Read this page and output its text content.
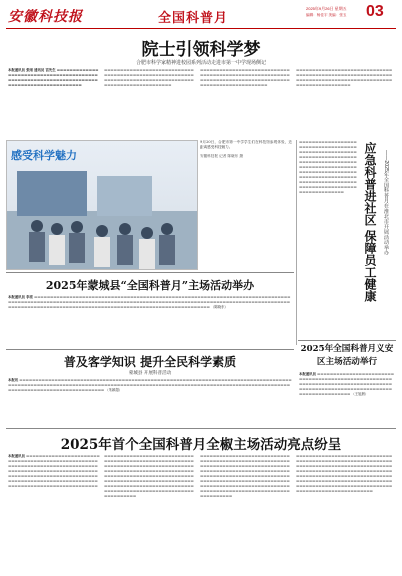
安徽科技报	全国科普月
2025年9月26日 星期五
编辑：杨佳宇 美编：张玉 03
院士引领科学梦
合肥市科学家精神进校园系列活动走进市第一中学现场侧记
本报通讯员 张雨 通讯员 宫先生 ▬▬▬▬▬▬▬▬▬▬▬▬▬▬▬▬▬▬▬▬▬▬▬▬▬▬▬▬▬▬▬▬▬▬▬▬▬▬▬▬▬▬▬▬▬▬▬▬▬▬▬▬▬▬▬▬▬▬▬▬▬▬▬▬▬▬▬▬▬▬▬▬▬▬▬▬▬▬▬▬▬▬▬▬▬▬▬▬▬▬▬▬
▬▬▬▬▬▬▬▬▬▬▬▬▬▬▬▬▬▬▬▬▬▬▬▬▬▬▬▬▬▬▬▬▬▬▬▬▬▬▬▬▬▬▬▬▬▬▬▬▬▬▬▬▬▬▬▬▬▬▬▬▬▬▬▬▬▬▬▬▬▬▬▬▬▬▬▬▬▬▬▬▬▬▬▬▬▬▬▬▬▬▬▬▬▬▬▬▬▬▬▬▬▬▬▬▬
▬▬▬▬▬▬▬▬▬▬▬▬▬▬▬▬▬▬▬▬▬▬▬▬▬▬▬▬▬▬▬▬▬▬▬▬▬▬▬▬▬▬▬▬▬▬▬▬▬▬▬▬▬▬▬▬▬▬▬▬▬▬▬▬▬▬▬▬▬▬▬▬▬▬▬▬▬▬▬▬▬▬▬▬▬▬▬▬▬▬▬▬▬▬▬▬▬▬▬▬▬▬▬▬▬
▬▬▬▬▬▬▬▬▬▬▬▬▬▬▬▬▬▬▬▬▬▬▬▬▬▬▬▬▬▬▬▬▬▬▬▬▬▬▬▬▬▬▬▬▬▬▬▬▬▬▬▬▬▬▬▬▬▬▬▬▬▬▬▬▬▬▬▬▬▬▬▬▬▬▬▬▬▬▬▬▬▬▬▬▬▬▬▬▬▬▬▬▬▬▬▬▬▬▬▬▬▬▬▬▬▬▬
感受科学魅力
9月20日，合肥市第一中学学生们在科技馆参观体验，近距离感受科技魅力。
安徽科技报 记者 陈晓东 摄
▬▬▬▬▬▬▬▬▬▬▬▬▬▬▬▬▬▬▬▬▬▬▬▬▬▬▬▬▬▬▬▬▬▬▬▬▬▬▬▬▬▬▬▬▬▬▬▬▬▬▬▬▬▬▬▬▬▬▬▬▬▬▬▬▬▬▬▬▬▬▬▬▬▬▬▬▬▬▬▬▬▬▬▬▬▬▬▬▬▬▬▬▬▬▬▬▬▬▬▬▬▬▬▬▬▬▬▬▬▬▬▬▬▬▬▬▬▬▬▬▬▬▬▬▬▬▬▬▬▬▬▬▬▬▬▬▬▬▬▬▬▬▬▬▬▬▬▬▬▬▬▬▬▬▬▬▬▬▬▬▬▬▬▬▬▬▬▬▬▬▬▬▬▬▬▬▬▬▬▬▬▬▬▬▬▬▬▬▬▬▬▬▬▬	应急科普进社区 保障员工健康	——2025年全国科普月在淮北市开展活动举办
2025年蒙城县“全国科普月”主场活动举办
本报通讯员 李亮 ▬▬▬▬▬▬▬▬▬▬▬▬▬▬▬▬▬▬▬▬▬▬▬▬▬▬▬▬▬▬▬▬▬▬▬▬▬▬▬▬▬▬▬▬▬▬▬▬▬▬▬▬▬▬▬▬▬▬▬▬▬▬▬▬▬▬▬▬▬▬▬▬▬▬▬▬▬▬▬▬▬▬▬▬▬▬▬▬▬▬▬▬▬▬▬▬▬▬▬▬▬▬▬▬▬▬▬▬▬▬▬▬▬▬▬▬▬▬▬▬▬▬▬▬▬▬▬▬▬▬▬▬▬▬▬▬▬▬▬▬▬▬▬▬▬▬▬▬▬▬▬▬▬▬▬▬▬▬▬▬▬▬▬▬▬▬▬▬▬▬▬▬▬▬▬▬▬▬▬▬▬▬▬▬▬▬▬▬▬▬▬▬▬▬▬▬▬▬▬▬▬▬▬▬▬▬▬▬▬▬▬▬▬▬▬▬▬▬▬▬▬▬▬▬▬▬▬▬▬▬▬ （陈晓东）
普及客学知识 提升全民科学素质
蒙城县 开展科普活动
本报讯 ▬▬▬▬▬▬▬▬▬▬▬▬▬▬▬▬▬▬▬▬▬▬▬▬▬▬▬▬▬▬▬▬▬▬▬▬▬▬▬▬▬▬▬▬▬▬▬▬▬▬▬▬▬▬▬▬▬▬▬▬▬▬▬▬▬▬▬▬▬▬▬▬▬▬▬▬▬▬▬▬▬▬▬▬▬▬▬▬▬▬▬▬▬▬▬▬▬▬▬▬▬▬▬▬▬▬▬▬▬▬▬▬▬▬▬▬▬▬▬▬▬▬▬▬▬▬▬▬▬▬▬▬▬▬▬▬▬▬▬▬▬▬▬▬▬▬▬▬▬▬▬▬▬▬▬▬▬▬▬▬▬▬▬▬▬▬▬▬▬▬▬▬▬▬▬▬▬▬▬▬▬▬▬▬▬▬▬▬▬▬▬▬▬▬▬▬▬▬▬▬▬▬▬ （朱颖超）
2025年全国科普月义安区主场活动举行
本报通讯员 ▬▬▬▬▬▬▬▬▬▬▬▬▬▬▬▬▬▬▬▬▬▬▬▬▬▬▬▬▬▬▬▬▬▬▬▬▬▬▬▬▬▬▬▬▬▬▬▬▬▬▬▬▬▬▬▬▬▬▬▬▬▬▬▬▬▬▬▬▬▬▬▬▬▬▬▬▬▬▬▬▬▬▬▬▬▬▬▬▬▬▬▬▬▬▬▬▬▬▬▬▬▬▬▬▬▬▬▬▬▬▬▬▬▬▬▬▬▬▬▬▬▬▬▬▬▬▬ （王旭晨）
2025年首个全国科普月全椒主场活动亮点纷呈
本报通讯员 ▬▬▬▬▬▬▬▬▬▬▬▬▬▬▬▬▬▬▬▬▬▬▬▬▬▬▬▬▬▬▬▬▬▬▬▬▬▬▬▬▬▬▬▬▬▬▬▬▬▬▬▬▬▬▬▬▬▬▬▬▬▬▬▬▬▬▬▬▬▬▬▬▬▬▬▬▬▬▬▬▬▬▬▬▬▬▬▬▬▬▬▬▬▬▬▬▬▬▬▬▬▬▬▬▬▬▬▬▬▬▬▬▬▬▬▬▬▬▬▬▬▬▬▬▬▬▬▬▬▬▬▬▬▬▬▬▬▬▬▬▬▬▬▬▬▬▬▬▬▬▬▬▬▬▬▬▬▬▬▬▬▬▬▬▬▬▬▬▬▬▬▬▬▬▬▬▬▬▬▬▬▬▬▬▬▬▬▬▬▬▬
▬▬▬▬▬▬▬▬▬▬▬▬▬▬▬▬▬▬▬▬▬▬▬▬▬▬▬▬▬▬▬▬▬▬▬▬▬▬▬▬▬▬▬▬▬▬▬▬▬▬▬▬▬▬▬▬▬▬▬▬▬▬▬▬▬▬▬▬▬▬▬▬▬▬▬▬▬▬▬▬▬▬▬▬▬▬▬▬▬▬▬▬▬▬▬▬▬▬▬▬▬▬▬▬▬▬▬▬▬▬▬▬▬▬▬▬▬▬▬▬▬▬▬▬▬▬▬▬▬▬▬▬▬▬▬▬▬▬▬▬▬▬▬▬▬▬▬▬▬▬▬▬▬▬▬▬▬▬▬▬▬▬▬▬▬▬▬▬▬▬▬▬▬▬▬▬▬▬▬▬▬▬▬▬▬▬▬▬▬▬▬▬▬▬▬▬▬▬▬▬▬▬▬▬▬▬▬▬▬▬▬▬▬▬▬▬▬▬▬▬▬▬▬▬▬▬▬▬▬▬▬▬▬▬
▬▬▬▬▬▬▬▬▬▬▬▬▬▬▬▬▬▬▬▬▬▬▬▬▬▬▬▬▬▬▬▬▬▬▬▬▬▬▬▬▬▬▬▬▬▬▬▬▬▬▬▬▬▬▬▬▬▬▬▬▬▬▬▬▬▬▬▬▬▬▬▬▬▬▬▬▬▬▬▬▬▬▬▬▬▬▬▬▬▬▬▬▬▬▬▬▬▬▬▬▬▬▬▬▬▬▬▬▬▬▬▬▬▬▬▬▬▬▬▬▬▬▬▬▬▬▬▬▬▬▬▬▬▬▬▬▬▬▬▬▬▬▬▬▬▬▬▬▬▬▬▬▬▬▬▬▬▬▬▬▬▬▬▬▬▬▬▬▬▬▬▬▬▬▬▬▬▬▬▬▬▬▬▬▬▬▬▬▬▬▬▬▬▬▬▬▬▬▬▬▬▬▬▬▬▬▬▬▬▬▬▬▬▬▬▬▬▬▬▬▬▬▬▬▬▬▬▬▬▬▬▬▬▬
▬▬▬▬▬▬▬▬▬▬▬▬▬▬▬▬▬▬▬▬▬▬▬▬▬▬▬▬▬▬▬▬▬▬▬▬▬▬▬▬▬▬▬▬▬▬▬▬▬▬▬▬▬▬▬▬▬▬▬▬▬▬▬▬▬▬▬▬▬▬▬▬▬▬▬▬▬▬▬▬▬▬▬▬▬▬▬▬▬▬▬▬▬▬▬▬▬▬▬▬▬▬▬▬▬▬▬▬▬▬▬▬▬▬▬▬▬▬▬▬▬▬▬▬▬▬▬▬▬▬▬▬▬▬▬▬▬▬▬▬▬▬▬▬▬▬▬▬▬▬▬▬▬▬▬▬▬▬▬▬▬▬▬▬▬▬▬▬▬▬▬▬▬▬▬▬▬▬▬▬▬▬▬▬▬▬▬▬▬▬▬▬▬▬▬▬▬▬▬▬▬▬▬▬▬▬▬▬▬▬▬▬▬▬▬▬▬▬▬▬▬▬▬▬▬▬▬▬▬▬▬▬▬▬
